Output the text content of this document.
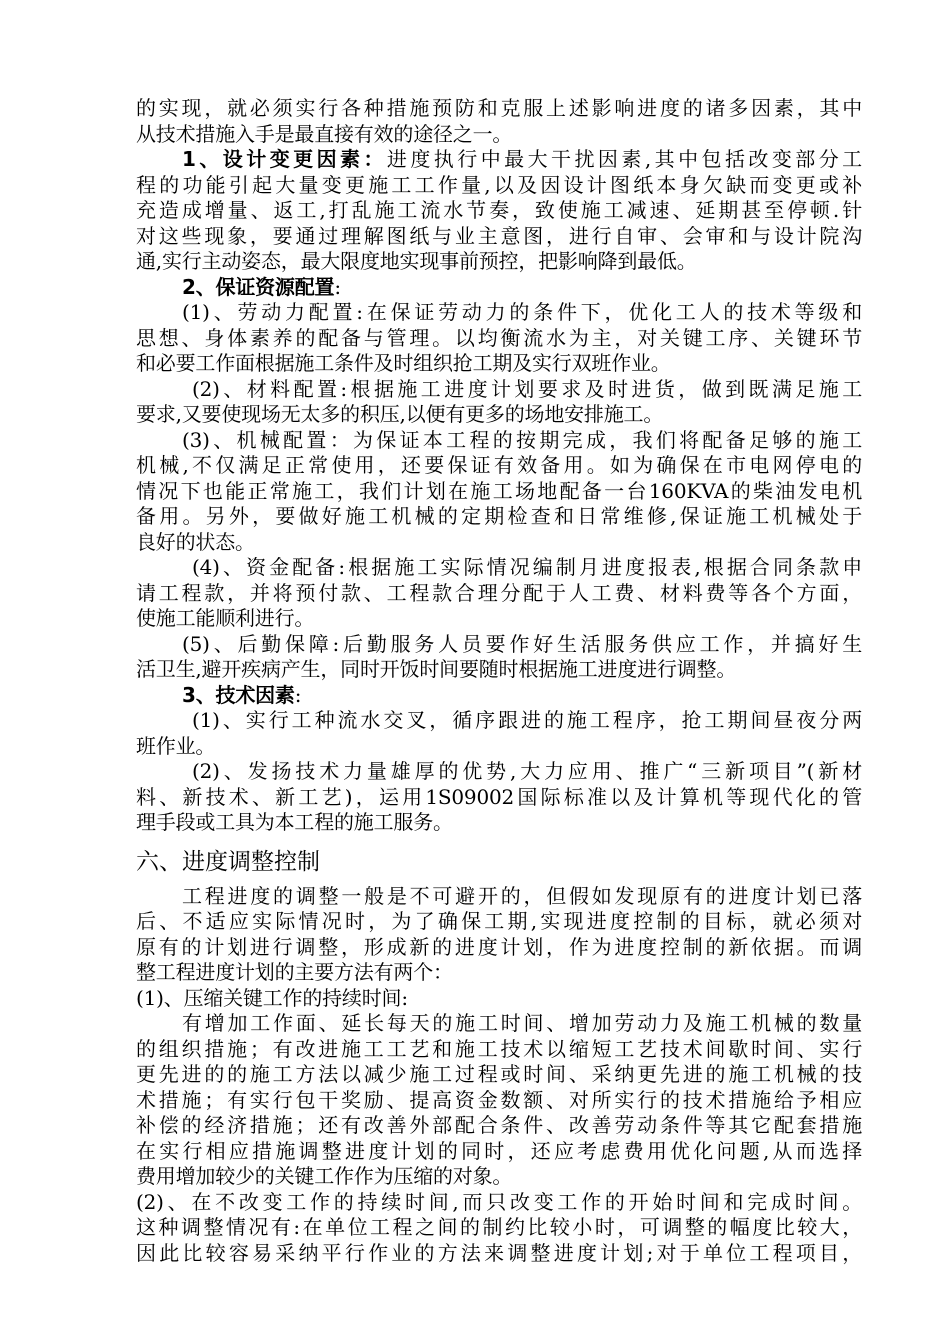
的实现，就必须实行各种措施预防和克服上述影响进度的诸多因素，其中
从技术措施入手是最直接有效的途径之一。
1、设计变更因素：进度执行中最大干扰因素,其中包括改变部分工
程的功能引起大量变更施工工作量,以及因设计图纸本身欠缺而变更或补
充造成增量、返工,打乱施工流水节奏，致使施工减速、延期甚至停顿.针
对这些现象，要通过理解图纸与业主意图，进行自审、会审和与设计院沟
通,实行主动姿态，最大限度地实现事前预控，把影响降到最低。
2、保证资源配置:
(1)、劳动力配置:在保证劳动力的条件下，优化工人的技术等级和
思想、身体素养的配备与管理。以均衡流水为主，对关键工序、关键环节
和必要工作面根据施工条件及时组织抢工期及实行双班作业。
(2)、材料配置:根据施工进度计划要求及时进货，做到既满足施工
要求,又要使现场无太多的积压,以便有更多的场地安排施工。
(3)、机械配置：为保证本工程的按期完成，我们将配备足够的施工
机械,不仅满足正常使用，还要保证有效备用。如为确保在市电网停电的
情况下也能正常施工，我们计划在施工场地配备一台160KVA的柴油发电机
备用。另外，要做好施工机械的定期检查和日常维修,保证施工机械处于
良好的状态。
(4)、资金配备:根据施工实际情况编制月进度报表,根据合同条款申
请工程款，并将预付款、工程款合理分配于人工费、材料费等各个方面，
使施工能顺利进行。
(5)、后勤保障:后勤服务人员要作好生活服务供应工作，并搞好生
活卫生,避开疾病产生，同时开饭时间要随时根据施工进度进行调整。
3、技术因素:
(1)、实行工种流水交叉，循序跟进的施工程序，抢工期间昼夜分两
班作业。
(2)、发扬技术力量雄厚的优势,大力应用、推广“三新项目”(新材
料、新技术、新工艺)，运用1S09002国际标准以及计算机等现代化的管
理手段或工具为本工程的施工服务。
六、进度调整控制
工程进度的调整一般是不可避开的，但假如发现原有的进度计划已落
后、不适应实际情况时，为了确保工期,实现进度控制的目标，就必须对
原有的计划进行调整，形成新的进度计划，作为进度控制的新依据。而调
整工程进度计划的主要方法有两个：
(1)、压缩关键工作的持续时间:
有增加工作面、延长每天的施工时间、增加劳动力及施工机械的数量
的组织措施；有改进施工工艺和施工技术以缩短工艺技术间歇时间、实行
更先进的的施工方法以减少施工过程或时间、采纳更先进的施工机械的技
术措施；有实行包干奖励、提高资金数额、对所实行的技术措施给予相应
补偿的经济措施；还有改善外部配合条件、改善劳动条件等其它配套措施
在实行相应措施调整进度计划的同时，还应考虑费用优化问题,从而选择
费用增加较少的关键工作作为压缩的对象。
(2)、在不改变工作的持续时间,而只改变工作的开始时间和完成时间。
这种调整情况有:在单位工程之间的制约比较小时，可调整的幅度比较大，
因此比较容易采纳平行作业的方法来调整进度计划;对于单位工程项目，
